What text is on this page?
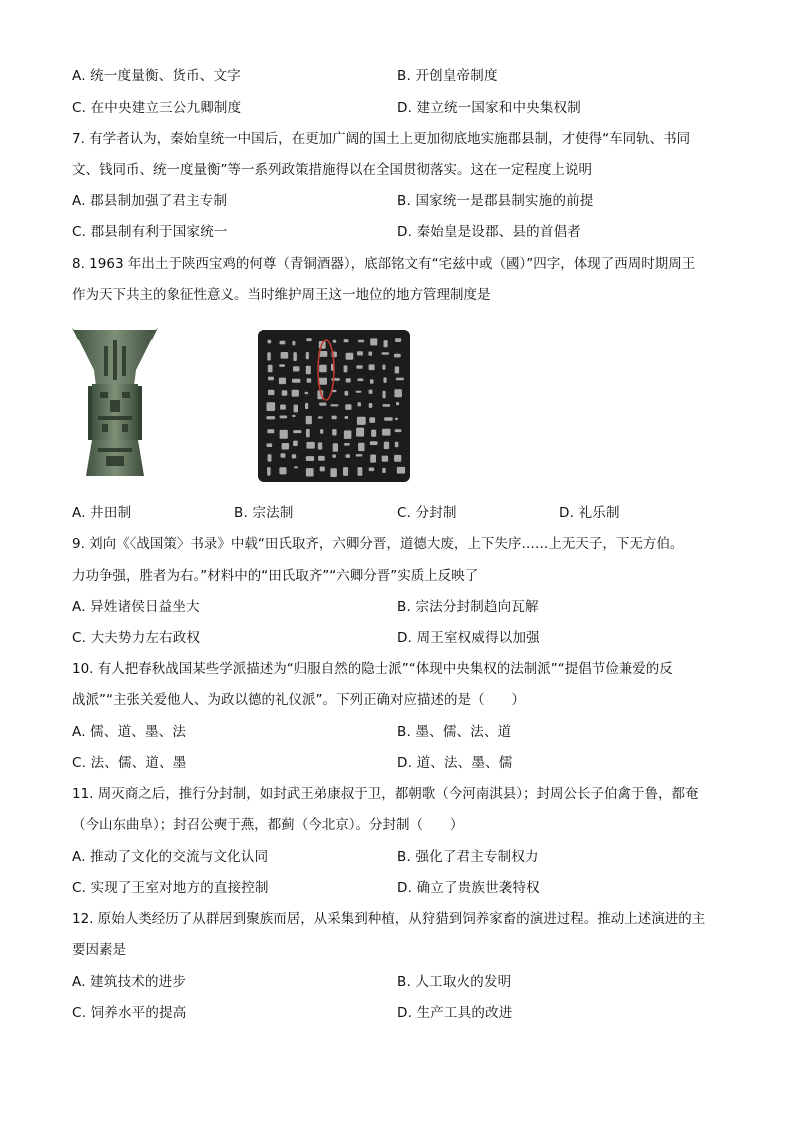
A. 统一度量衡、货币、文字	B. 开创皇帝制度
C. 在中央建立三公九卿制度	D. 建立统一国家和中央集权制
7. 有学者认为，秦始皇统一中国后，在更加广阔的国土上更加彻底地实施郡县制，才使得“车同轨、书同
文、钱同币、统一度量衡”等一系列政策措施得以在全国贯彻落实。这在一定程度上说明
A. 郡县制加强了君主专制	B. 国家统一是郡县制实施的前提
C. 郡县制有利于国家统一	D. 秦始皇是设郡、县的首倡者
8. 1963 年出土于陕西宝鸡的何尊（青铜酒器），底部铭文有“宅兹中或（國）”四字，体现了西周时期周王
作为天下共主的象征性意义。当时维护周王这一地位的地方管理制度是
A. 井田制	B. 宗法制	C. 分封制	D. 礼乐制
9. 刘向《〈战国策〉书录》中载“田氏取齐，六卿分晋，道德大废，上下失序……上无天子，下无方伯。
力功争强，胜者为右。”材料中的“田氏取齐”“六卿分晋”实质上反映了
A. 异姓诸侯日益坐大	B. 宗法分封制趋向瓦解
C. 大夫势力左右政权	D. 周王室权威得以加强
10. 有人把春秋战国某些学派描述为“归服自然的隐士派”“体现中央集权的法制派”“提倡节俭兼爱的反
战派”“主张关爱他人、为政以德的礼仪派”。下列正确对应描述的是（　　）
A. 儒、道、墨、法	B. 墨、儒、法、道
C. 法、儒、道、墨	D. 道、法、墨、儒
11. 周灭商之后，推行分封制，如封武王弟康叔于卫，都朝歌（今河南淇县）；封周公长子伯禽于鲁，都奄
（今山东曲阜）；封召公奭于燕，都蓟（今北京）。分封制（　　）
A. 推动了文化的交流与文化认同	B. 强化了君主专制权力
C. 实现了王室对地方的直接控制	D. 确立了贵族世袭特权
12. 原始人类经历了从群居到聚族而居，从采集到种植，从狩猎到饲养家畜的演进过程。推动上述演进的主
要因素是
A. 建筑技术的进步	B. 人工取火的发明
C. 饲养水平的提高	D. 生产工具的改进
